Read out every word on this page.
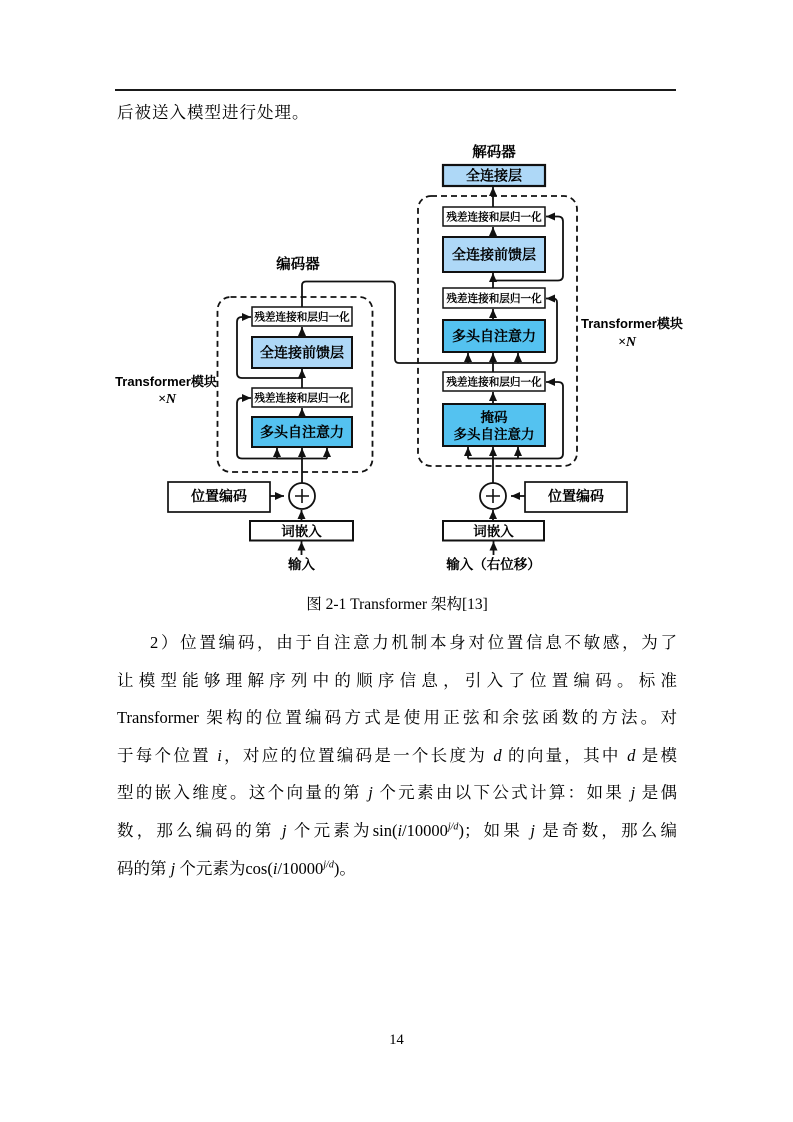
后被送入模型进行处理。
编码器
Transformer模块
×N
残差连接和层归一化
全连接前馈层
残差连接和层归一化
多头自注意力
位置编码
词嵌入
输入
解码器
全连接层
Transformer模块
×N
残差连接和层归一化
全连接前馈层
残差连接和层归一化
多头自注意力
残差连接和层归一化
掩码
多头自注意力
位置编码
词嵌入
输入（右位移）
图 2-1 Transformer 架构[13]
2）位置编码，由于自注意力机制本身对位置信息不敏感，为了
让模型能够理解序列中的顺序信息，引入了位置编码。标准
Transformer 架构的位置编码方式是使用正弦和余弦函数的方法。对
于每个位置 i，对应的位置编码是一个长度为 d 的向量，其中 d 是模
型的嵌入维度。这个向量的第 j 个元素由以下公式计算：如果 j 是偶
数，那么编码的第 j 个元素为$\sin(i/10000^{j/d})$；如果 j 是奇数，那么编
码的第 j 个元素为$\cos(i/10000^{j/d})$。
14
